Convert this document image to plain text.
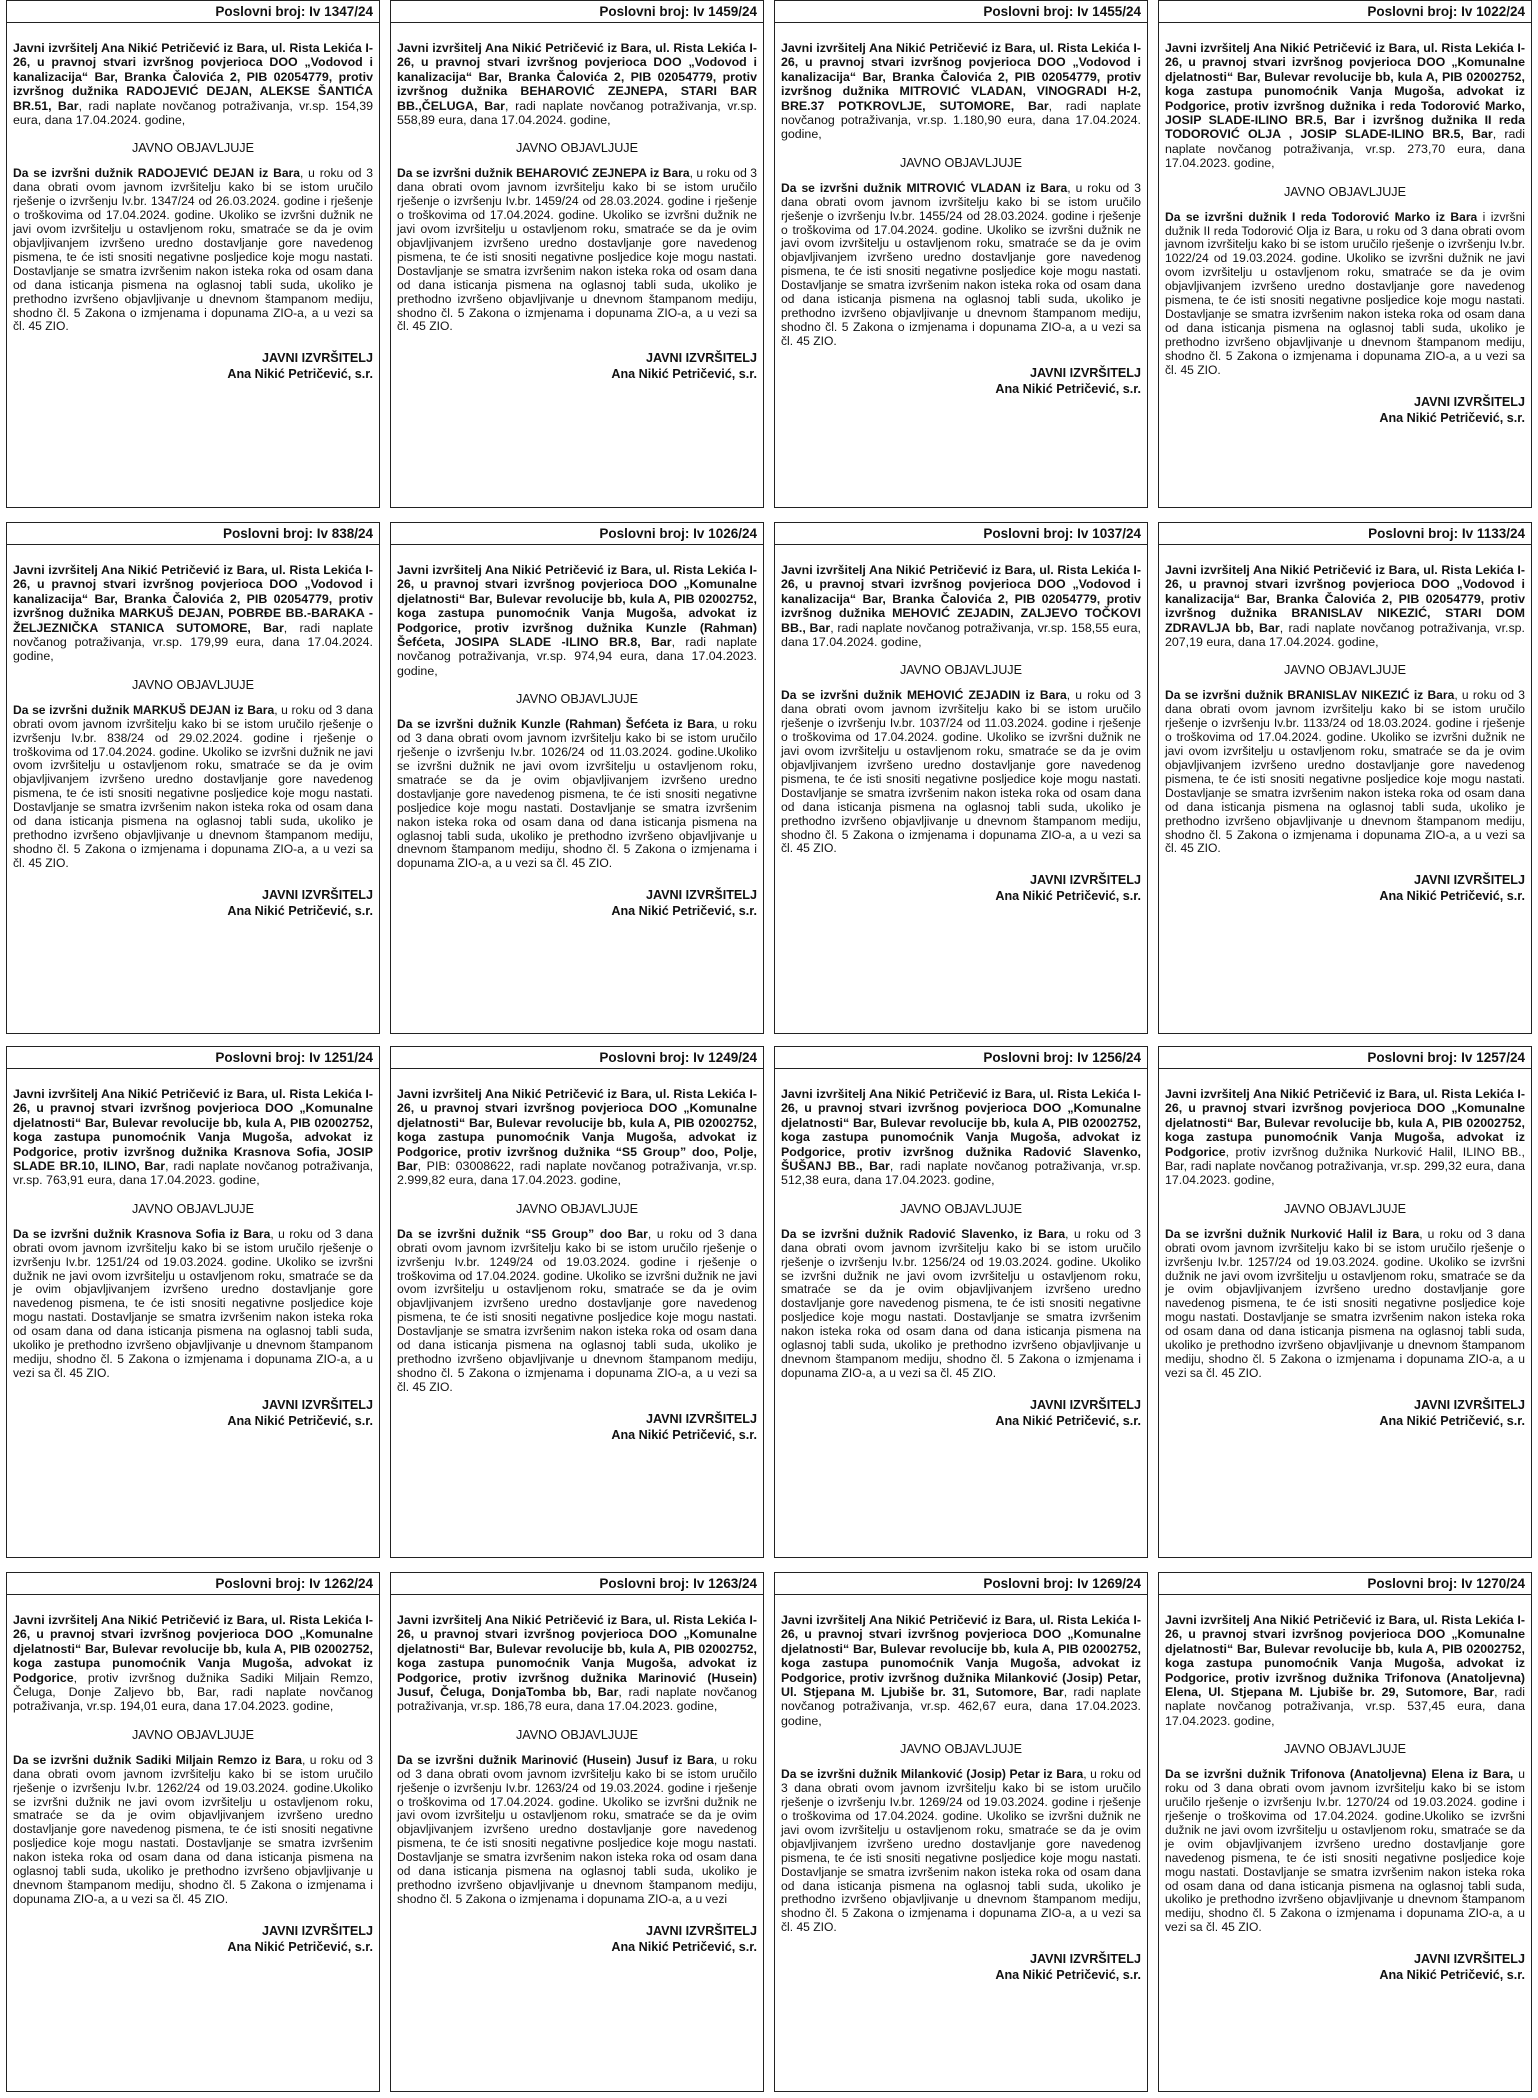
Poslovni broj: Iv 1347/24

Javni izvršitelj Ana Nikić Petričević iz Bara, ul. Rista Lekića I-26, u pravnoj stvari izvršnog povjerioca DOO „Vodovod i kanalizacija“ Bar, Branka Čalovića 2, PIB 02054779, protiv izvršnog dužnika RADOJEVIĆ DEJAN, ALEKSE ŠANTIĆA BR.51, Bar, radi naplate novčanog potraživanja, vr.sp. 154,39 eura, dana 17.04.2024. godine,

JAVNO OBJAVLJUJE

Da se izvršni dužnik RADOJEVIĆ DEJAN iz Bara, u roku od 3 dana obrati ovom javnom izvršitelju kako bi se istom uručilo rješenje o izvršenju Iv.br. 1347/24 od 26.03.2024. godine i rješenje o troškovima od 17.04.2024. godine. Ukoliko se izvršni dužnik ne javi ovom izvršitelju u ostavljenom roku, smatraće se da je ovim objavljivanjem izvršeno uredno dostavljanje gore navedenog pismena, te će isti snositi negativne posljedice koje mogu nastati. Dostavljanje se smatra izvršenim nakon isteka roka od osam dana od dana isticanja pismena na oglasnoj tabli suda, ukoliko je prethodno izvršeno objavljivanje u dnevnom štampanom mediju, shodno čl. 5 Zakona o izmjenama i dopunama ZIO-a, a u vezi sa čl. 45 ZIO.

JAVNI IZVRŠITELJ
Ana Nikić Petričević, s.r.
Poslovni broj: Iv 1459/24

Javni izvršitelj Ana Nikić Petričević iz Bara, ul. Rista Lekića I-26, u pravnoj stvari izvršnog povjerioca DOO „Vodovod i kanalizacija“ Bar, Branka Čalovića 2, PIB 02054779, protiv izvršnog dužnika BEHAROVIĆ ZEJNEPA, STARI BAR BB.,ČELUGA, Bar, radi naplate novčanog potraživanja, vr.sp. 558,89 eura, dana 17.04.2024. godine,

JAVNO OBJAVLJUJE

Da se izvršni dužnik BEHAROVIĆ ZEJNEPA iz Bara, u roku od 3 dana obrati ovom javnom izvršitelju kako bi se istom uručilo rješenje o izvršenju Iv.br. 1459/24 od 28.03.2024. godine i rješenje o troškovima od 17.04.2024. godine. Ukoliko se izvršni dužnik ne javi ovom izvršitelju u ostavljenom roku, smatraće se da je ovim objavljivanjem izvršeno uredno dostavljanje gore navedenog pismena, te će isti snositi negativne posljedice koje mogu nastati. Dostavljanje se smatra izvršenim nakon isteka roka od osam dana od dana isticanja pismena na oglasnoj tabli suda, ukoliko je prethodno izvršeno objavljivanje u dnevnom štampanom mediju, shodno čl. 5 Zakona o izmjenama i dopunama ZIO-a, a u vezi sa čl. 45 ZIO.

JAVNI IZVRŠITELJ
Ana Nikić Petričević, s.r.
Poslovni broj: Iv 1455/24

Javni izvršitelj Ana Nikić Petričević iz Bara, ul. Rista Lekića I-26, u pravnoj stvari izvršnog povjerioca DOO „Vodovod i kanalizacija“ Bar, Branka Čalovića 2, PIB 02054779, protiv izvršnog dužnika MITROVIĆ VLADAN, VINOGRADI H-2, BRE.37 POTKROVLJE, SUTOMORE, Bar, radi naplate novčanog potraživanja, vr.sp. 1.180,90 eura, dana 17.04.2024. godine,

JAVNO OBJAVLJUJE

Da se izvršni dužnik MITROVIĆ VLADAN iz Bara, u roku od 3 dana obrati ovom javnom izvršitelju kako bi se istom uručilo rješenje o izvršenju Iv.br. 1455/24 od 28.03.2024. godine i rješenje o troškovima od 17.04.2024. godine. Ukoliko se izvršni dužnik ne javi ovom izvršitelju u ostavljenom roku, smatraće se da je ovim objavljivanjem izvršeno uredno dostavljanje gore navedenog pismena, te će isti snositi negativne posljedice koje mogu nastati. Dostavljanje se smatra izvršenim nakon isteka roka od osam dana od dana isticanja pismena na oglasnoj tabli suda, ukoliko je prethodno izvršeno objavljivanje u dnevnom štampanom mediju, shodno čl. 5 Zakona o izmjenama i dopunama ZIO-a, a u vezi sa čl. 45 ZIO.

JAVNI IZVRŠITELJ
Ana Nikić Petričević, s.r.
Poslovni broj: Iv 1022/24

Javni izvršitelj Ana Nikić Petričević iz Bara, ul. Rista Lekića I-26, u pravnoj stvari izvršnog povjerioca DOO „Komunalne djelatnosti“ Bar, Bulevar revolucije bb, kula A, PIB 02002752, koga zastupa punomoćnik Vanja Mugoša, advokat iz Podgorice, protiv izvršnog dužnika i reda Todorović Marko, JOSIP SLADE-ILINO BR.5, Bar i izvršnog dužnika II reda TODOROVIĆ OLJA , JOSIP SLADE-ILINO BR.5, Bar, radi naplate novčanog potraživanja, vr.sp. 273,70 eura, dana 17.04.2023. godine,

JAVNO OBJAVLJUJE

Da se izvršni dužnik I reda Todorović Marko iz Bara i izvršni dužnik II reda Todorović Olja iz Bara, u roku od 3 dana obrati ovom javnom izvršitelju kako bi se istom uručilo rješenje o izvršenju Iv.br. 1022/24 od 19.03.2024. godine. Ukoliko se izvršni dužnik ne javi ovom izvršitelju u ostavljenom roku, smatraće se da je ovim objavljivanjem izvršeno uredno dostavljanje gore navedenog pismena, te će isti snositi negativne posljedice koje mogu nastati. Dostavljanje se smatra izvršenim nakon isteka roka od osam dana od dana isticanja pismena na oglasnoj tabli suda, ukoliko je prethodno izvršeno objavljivanje u dnevnom štampanom mediju, shodno čl. 5 Zakona o izmjenama i dopunama ZIO-a, a u vezi sa čl. 45 ZIO.

JAVNI IZVRŠITELJ
Ana Nikić Petričević, s.r.
Poslovni broj: Iv 838/24

Javni izvršitelj Ana Nikić Petričević iz Bara, ul. Rista Lekića I-26, u pravnoj stvari izvršnog povjerioca DOO „Vodovod i kanalizacija“ Bar, Branka Čalovića 2, PIB 02054779, protiv izvršnog dužnika MARKUŠ DEJAN, POBRĐE BB.-BARAKA - ŽELJEZNIČKA STANICA SUTOMORE, Bar, radi naplate novčanog potraživanja, vr.sp. 179,99 eura, dana 17.04.2024. godine,

JAVNO OBJAVLJUJE

Da se izvršni dužnik MARKUŠ DEJAN iz Bara, u roku od 3 dana obrati ovom javnom izvršitelju kako bi se istom uručilo rješenje o izvršenju Iv.br. 838/24 od 29.02.2024. godine i rješenje o troškovima od 17.04.2024. godine. Ukoliko se izvršni dužnik ne javi ovom izvršitelju u ostavljenom roku, smatraće se da je ovim objavljivanjem izvršeno uredno dostavljanje gore navedenog pismena, te će isti snositi negativne posljedice koje mogu nastati. Dostavljanje se smatra izvršenim nakon isteka roka od osam dana od dana isticanja pismena na oglasnoj tabli suda, ukoliko je prethodno izvršeno objavljivanje u dnevnom štampanom mediju, shodno čl. 5 Zakona o izmjenama i dopunama ZIO-a, a u vezi sa čl. 45 ZIO.

JAVNI IZVRŠITELJ
Ana Nikić Petričević, s.r.
Poslovni broj: Iv 1026/24

Javni izvršitelj Ana Nikić Petričević iz Bara, ul. Rista Lekića I-26, u pravnoj stvari izvršnog povjerioca DOO „Komunalne djelatnosti“ Bar, Bulevar revolucije bb, kula A, PIB 02002752, koga zastupa punomoćnik Vanja Mugoša, advokat iz Podgorice, protiv izvršnog dužnika Kunzle (Rahman) Šefćeta, JOSIPA SLADE -ILINO BR.8, Bar, radi naplate novčanog potraživanja, vr.sp. 974,94 eura, dana 17.04.2023. godine,

JAVNO OBJAVLJUJE

Da se izvršni dužnik Kunzle (Rahman) Šefćeta iz Bara, u roku od 3 dana obrati ovom javnom izvršitelju kako bi se istom uručilo rješenje o izvršenju Iv.br. 1026/24 od 11.03.2024. godine.Ukoliko se izvršni dužnik ne javi ovom izvršitelju u ostavljenom roku, smatraće se da je ovim objavljivanjem izvršeno uredno dostavljanje gore navedenog pismena, te će isti snositi negativne posljedice koje mogu nastati. Dostavljanje se smatra izvršenim nakon isteka roka od osam dana od dana isticanja pismena na oglasnoj tabli suda, ukoliko je prethodno izvršeno objavljivanje u dnevnom štampanom mediju, shodno čl. 5 Zakona o izmjenama i dopunama ZIO-a, a u vezi sa čl. 45 ZIO.

JAVNI IZVRŠITELJ
Ana Nikić Petričević, s.r.
Poslovni broj: Iv 1037/24

Javni izvršitelj Ana Nikić Petričević iz Bara, ul. Rista Lekića I-26, u pravnoj stvari izvršnog povjerioca DOO „Vodovod i kanalizacija“ Bar, Branka Čalovića 2, PIB 02054779, protiv izvršnog dužnika MEHOVIĆ ZEJADIN, ZALJEVO TOČKOVI BB., Bar, radi naplate novčanog potraživanja, vr.sp. 158,55 eura, dana 17.04.2024. godine,

JAVNO OBJAVLJUJE

Da se izvršni dužnik MEHOVIĆ ZEJADIN iz Bara, u roku od 3 dana obrati ovom javnom izvršitelju kako bi se istom uručilo rješenje o izvršenju Iv.br. 1037/24 od 11.03.2024. godine i rješenje o troškovima od 17.04.2024. godine. Ukoliko se izvršni dužnik ne javi ovom izvršitelju u ostavljenom roku, smatraće se da je ovim objavljivanjem izvršeno uredno dostavljanje gore navedenog pismena, te će isti snositi negativne posljedice koje mogu nastati. Dostavljanje se smatra izvršenim nakon isteka roka od osam dana od dana isticanja pismena na oglasnoj tabli suda, ukoliko je prethodno izvršeno objavljivanje u dnevnom štampanom mediju, shodno čl. 5 Zakona o izmjenama i dopunama ZIO-a, a u vezi sa čl. 45 ZIO.

JAVNI IZVRŠITELJ
Ana Nikić Petričević, s.r.
Poslovni broj: Iv 1133/24

Javni izvršitelj Ana Nikić Petričević iz Bara, ul. Rista Lekića I-26, u pravnoj stvari izvršnog povjerioca DOO „Vodovod i kanalizacija“ Bar, Branka Čalovića 2, PIB 02054779, protiv izvršnog dužnika BRANISLAV NIKEZIĆ, STARI DOM ZDRAVLJA bb, Bar, radi naplate novčanog potraživanja, vr.sp. 207,19 eura, dana 17.04.2024. godine,

JAVNO OBJAVLJUJE

Da se izvršni dužnik BRANISLAV NIKEZIĆ iz Bara, u roku od 3 dana obrati ovom javnom izvršitelju kako bi se istom uručilo rješenje o izvršenju Iv.br. 1133/24 od 18.03.2024. godine i rješenje o troškovima od 17.04.2024. godine. Ukoliko se izvršni dužnik ne javi ovom izvršitelju u ostavljenom roku, smatraće se da je ovim objavljivanjem izvršeno uredno dostavljanje gore navedenog pismena, te će isti snositi negativne posljedice koje mogu nastati. Dostavljanje se smatra izvršenim nakon isteka roka od osam dana od dana isticanja pismena na oglasnoj tabli suda, ukoliko je prethodno izvršeno objavljivanje u dnevnom štampanom mediju, shodno čl. 5 Zakona o izmjenama i dopunama ZIO-a, a u vezi sa čl. 45 ZIO.

JAVNI IZVRŠITELJ
Ana Nikić Petričević, s.r.
Poslovni broj: Iv 1251/24

Javni izvršitelj Ana Nikić Petričević iz Bara, ul. Rista Lekića I-26, u pravnoj stvari izvršnog povjerioca DOO „Komunalne djelatnosti“ Bar, Bulevar revolucije bb, kula A, PIB 02002752, koga zastupa punomoćnik Vanja Mugoša, advokat iz Podgorice, protiv izvršnog dužnika Krasnova Sofia, JOSIP SLADE BR.10, ILINO, Bar, radi naplate novčanog potraživanja, vr.sp. 763,91 eura, dana 17.04.2023. godine,

JAVNO OBJAVLJUJE

Da se izvršni dužnik Krasnova Sofia iz Bara, u roku od 3 dana obrati ovom javnom izvršitelju kako bi se istom uručilo rješenje o izvršenju Iv.br. 1251/24 od 19.03.2024. godine. Ukoliko se izvršni dužnik ne javi ovom izvršitelju u ostavljenom roku, smatraće se da je ovim objavljivanjem izvršeno uredno dostavljanje gore navedenog pismena, te će isti snositi negativne posljedice koje mogu nastati. Dostavljanje se smatra izvršenim nakon isteka roka od osam dana od dana isticanja pismena na oglasnoj tabli suda, ukoliko je prethodno izvršeno objavljivanje u dnevnom štampanom mediju, shodno čl. 5 Zakona o izmjenama i dopunama ZIO-a, a u vezi sa čl. 45 ZIO.

JAVNI IZVRŠITELJ
Ana Nikić Petričević, s.r.
Poslovni broj: Iv 1249/24

Javni izvršitelj Ana Nikić Petričević iz Bara, ul. Rista Lekića I-26, u pravnoj stvari izvršnog povjerioca DOO „Komunalne djelatnosti“ Bar, Bulevar revolucije bb, kula A, PIB 02002752, koga zastupa punomoćnik Vanja Mugoša, advokat iz Podgorice, protiv izvršnog dužnika “S5 Group” doo, Polje, Bar, PIB: 03008622, radi naplate novčanog potraživanja, vr.sp. 2.999,82 eura, dana 17.04.2023. godine,

JAVNO OBJAVLJUJE

Da se izvršni dužnik “S5 Group” doo Bar, u roku od 3 dana obrati ovom javnom izvršitelju kako bi se istom uručilo rješenje o izvršenju Iv.br. 1249/24 od 19.03.2024. godine i rješenje o troškovima od 17.04.2024. godine. Ukoliko se izvršni dužnik ne javi ovom izvršitelju u ostavljenom roku, smatraće se da je ovim objavljivanjem izvršeno uredno dostavljanje gore navedenog pismena, te će isti snositi negativne posljedice koje mogu nastati. Dostavljanje se smatra izvršenim nakon isteka roka od osam dana od dana isticanja pismena na oglasnoj tabli suda, ukoliko je prethodno izvršeno objavljivanje u dnevnom štampanom mediju, shodno čl. 5 Zakona o izmjenama i dopunama ZIO-a, a u vezi sa čl. 45 ZIO.

JAVNI IZVRŠITELJ
Ana Nikić Petričević, s.r.
Poslovni broj: Iv 1256/24

Javni izvršitelj Ana Nikić Petričević iz Bara, ul. Rista Lekića I-26, u pravnoj stvari izvršnog povjerioca DOO „Komunalne djelatnosti“ Bar, Bulevar revolucije bb, kula A, PIB 02002752, koga zastupa punomoćnik Vanja Mugoša, advokat iz Podgorice, protiv izvršnog dužnika Radović Slavenko, ŠUŠANJ BB., Bar, radi naplate novčanog potraživanja, vr.sp. 512,38 eura, dana 17.04.2023. godine,

JAVNO OBJAVLJUJE

Da se izvršni dužnik Radović Slavenko, iz Bara, u roku od 3 dana obrati ovom javnom izvršitelju kako bi se istom uručilo rješenje o izvršenju Iv.br. 1256/24 od 19.03.2024. godine. Ukoliko se izvršni dužnik ne javi ovom izvršitelju u ostavljenom roku, smatraće se da je ovim objavljivanjem izvršeno uredno dostavljanje gore navedenog pismena, te će isti snositi negativne posljedice koje mogu nastati. Dostavljanje se smatra izvršenim nakon isteka roka od osam dana od dana isticanja pismena na oglasnoj tabli suda, ukoliko je prethodno izvršeno objavljivanje u dnevnom štampanom mediju, shodno čl. 5 Zakona o izmjenama i dopunama ZIO-a, a u vezi sa čl. 45 ZIO.

JAVNI IZVRŠITELJ
Ana Nikić Petričević, s.r.
Poslovni broj: Iv 1257/24

Javni izvršitelj Ana Nikić Petričević iz Bara, ul. Rista Lekića I-26, u pravnoj stvari izvršnog povjerioca DOO „Komunalne djelatnosti“ Bar, Bulevar revolucije bb, kula A, PIB 02002752, koga zastupa punomoćnik Vanja Mugoša, advokat iz Podgorice, protiv izvršnog dužnika Nurković Halil, ILINO BB., Bar, radi naplate novčanog potraživanja, vr.sp. 299,32 eura, dana 17.04.2023. godine,

JAVNO OBJAVLJUJE

Da se izvršni dužnik Nurković Halil iz Bara, u roku od 3 dana obrati ovom javnom izvršitelju kako bi se istom uručilo rješenje o izvršenju Iv.br. 1257/24 od 19.03.2024. godine. Ukoliko se izvršni dužnik ne javi ovom izvršitelju u ostavljenom roku, smatraće se da je ovim objavljivanjem izvršeno uredno dostavljanje gore navedenog pismena, te će isti snositi negativne posljedice koje mogu nastati. Dostavljanje se smatra izvršenim nakon isteka roka od osam dana od dana isticanja pismena na oglasnoj tabli suda, ukoliko je prethodno izvršeno objavljivanje u dnevnom štampanom mediju, shodno čl. 5 Zakona o izmjenama i dopunama ZIO-a, a u vezi sa čl. 45 ZIO.

JAVNI IZVRŠITELJ
Ana Nikić Petričević, s.r.
Poslovni broj: Iv 1262/24

Javni izvršitelj Ana Nikić Petričević iz Bara, ul. Rista Lekića I-26, u pravnoj stvari izvršnog povjerioca DOO „Komunalne djelatnosti“ Bar, Bulevar revolucije bb, kula A, PIB 02002752, koga zastupa punomoćnik Vanja Mugoša, advokat iz Podgorice, protiv izvršnog dužnika Sadiki Miljain Remzo, Čeluga, Donje Zaljevo bb, Bar, radi naplate novčanog potraživanja, vr.sp. 194,01 eura, dana 17.04.2023. godine,

JAVNO OBJAVLJUJE

Da se izvršni dužnik Sadiki Miljain Remzo iz Bara, u roku od 3 dana obrati ovom javnom izvršitelju kako bi se istom uručilo rješenje o izvršenju Iv.br. 1262/24 od 19.03.2024. godine.Ukoliko se izvršni dužnik ne javi ovom izvršitelju u ostavljenom roku, smatraće se da je ovim objavljivanjem izvršeno uredno dostavljanje gore navedenog pismena, te će isti snositi negativne posljedice koje mogu nastati. Dostavljanje se smatra izvršenim nakon isteka roka od osam dana od dana isticanja pismena na oglasnoj tabli suda, ukoliko je prethodno izvršeno objavljivanje u dnevnom štampanom mediju, shodno čl. 5 Zakona o izmjenama i dopunama ZIO-a, a u vezi sa čl. 45 ZIO.

JAVNI IZVRŠITELJ
Ana Nikić Petričević, s.r.
Poslovni broj: Iv 1263/24

Javni izvršitelj Ana Nikić Petričević iz Bara, ul. Rista Lekića I-26, u pravnoj stvari izvršnog povjerioca DOO „Komunalne djelatnosti“ Bar, Bulevar revolucije bb, kula A, PIB 02002752, koga zastupa punomoćnik Vanja Mugoša, advokat iz Podgorice, protiv izvršnog dužnika Marinović (Husein) Jusuf, Čeluga, DonjaTomba bb, Bar, radi naplate novčanog potraživanja, vr.sp. 186,78 eura, dana 17.04.2023. godine,

JAVNO OBJAVLJUJE

Da se izvršni dužnik Marinović (Husein) Jusuf iz Bara, u roku od 3 dana obrati ovom javnom izvršitelju kako bi se istom uručilo rješenje o izvršenju Iv.br. 1263/24 od 19.03.2024. godine i rješenje o troškovima od 17.04.2024. godine. Ukoliko se izvršni dužnik ne javi ovom izvršitelju u ostavljenom roku, smatraće se da je ovim objavljivanjem izvršeno uredno dostavljanje gore navedenog pismena, te će isti snositi negativne posljedice koje mogu nastati. Dostavljanje se smatra izvršenim nakon isteka roka od osam dana od dana isticanja pismena na oglasnoj tabli suda, ukoliko je prethodno izvršeno objavljivanje u dnevnom štampanom mediju, shodno čl. 5 Zakona o izmjenama i dopunama ZIO-a, a u vezi

JAVNI IZVRŠITELJ
Ana Nikić Petričević, s.r.
Poslovni broj: Iv 1269/24

Javni izvršitelj Ana Nikić Petričević iz Bara, ul. Rista Lekića I-26, u pravnoj stvari izvršnog povjerioca DOO „Komunalne djelatnosti“ Bar, Bulevar revolucije bb, kula A, PIB 02002752, koga zastupa punomoćnik Vanja Mugoša, advokat iz Podgorice, protiv izvršnog dužnika Milanković (Josip) Petar, Ul. Stjepana M. Ljubiše br. 31, Sutomore, Bar, radi naplate novčanog potraživanja, vr.sp. 462,67 eura, dana 17.04.2023. godine,

JAVNO OBJAVLJUJE

Da se izvršni dužnik Milanković (Josip) Petar iz Bara, u roku od 3 dana obrati ovom javnom izvršitelju kako bi se istom uručilo rješenje o izvršenju Iv.br. 1269/24 od 19.03.2024. godine i rješenje o troškovima od 17.04.2024. godine. Ukoliko se izvršni dužnik ne javi ovom izvršitelju u ostavljenom roku, smatraće se da je ovim objavljivanjem izvršeno uredno dostavljanje gore navedenog pismena, te će isti snositi negativne posljedice koje mogu nastati. Dostavljanje se smatra izvršenim nakon isteka roka od osam dana od dana isticanja pismena na oglasnoj tabli suda, ukoliko je prethodno izvršeno objavljivanje u dnevnom štampanom mediju, shodno čl. 5 Zakona o izmjenama i dopunama ZIO-a, a u vezi sa čl. 45 ZIO.

JAVNI IZVRŠITELJ
Ana Nikić Petričević, s.r.
Poslovni broj: Iv 1270/24

Javni izvršitelj Ana Nikić Petričević iz Bara, ul. Rista Lekića I-26, u pravnoj stvari izvršnog povjerioca DOO „Komunalne djelatnosti“ Bar, Bulevar revolucije bb, kula A, PIB 02002752, koga zastupa punomoćnik Vanja Mugoša, advokat iz Podgorice, protiv izvršnog dužnika Trifonova (Anatoljevna) Elena, Ul. Stjepana M. Ljubiše br. 29, Sutomore, Bar, radi naplate novčanog potraživanja, vr.sp. 537,45 eura, dana 17.04.2023. godine,

JAVNO OBJAVLJUJE

Da se izvršni dužnik Trifonova (Anatoljevna) Elena iz Bara, u roku od 3 dana obrati ovom javnom izvršitelju kako bi se istom uručilo rješenje o izvršenju Iv.br. 1270/24 od 19.03.2024. godine i rješenje o troškovima od 17.04.2024. godine.Ukoliko se izvršni dužnik ne javi ovom izvršitelju u ostavljenom roku, smatraće se da je ovim objavljivanjem izvršeno uredno dostavljanje gore navedenog pismena, te će isti snositi negativne posljedice koje mogu nastati. Dostavljanje se smatra izvršenim nakon isteka roka od osam dana od dana isticanja pismena na oglasnoj tabli suda, ukoliko je prethodno izvršeno objavljivanje u dnevnom štampanom mediju, shodno čl. 5 Zakona o izmjenama i dopunama ZIO-a, a u vezi sa čl. 45 ZIO.

JAVNI IZVRŠITELJ
Ana Nikić Petričević, s.r.
